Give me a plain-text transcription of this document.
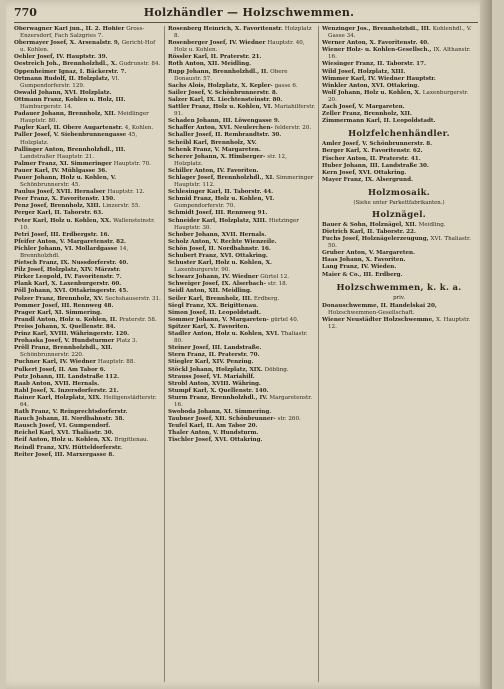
770	Holzhändler — Holzschwemmen.

Oberwagner Karl jun., II. 2. Hohler Gross-Enzersdorf, Fach Salzgries 7.

Obermayer Josef, X. Arsenalstr. 9, Gericht-Hof u. Kohlen.

Oehler Josef, IV. Hauptstr. 39.

Oestreich Joh., Brennholzhdl., X. Gudrunstr. 84.

Oppenheimer Ignaz, I. Bäckerstr. 7.

Ortmann Rudolf, II. Holzplatz, VI. Gumpendorferstr. 129.

Oswald Johann, XVI. Holzplatz.

Ottmann Franz, Kohlen u. Holz, III. Hainburgerstr. 14.

Padauer Johann, Brennholz, XII. Meidlinger Hauptstr. 80.

Pagler Karl, II. Obere Augartenstr. 4, Kohlen.

Paller Josef, V. Siebenbrunnengasse 45, Holzplatz.

Pallinger Anton, Brennholzhdl., III. Landstraßer Hauptstr. 21.

Palmer Franz, XI. Simmeringer Hauptstr. 70.

Pauer Karl, IV. Mühlgasse 36.

Pauer Johann, Holz u. Kohlen, V. Schönbrunnerstr. 45.

Paulus Josef, XVII. Hernalser Hauptstr. 12.

Peer Franz, X. Favoritenstr. 150.

Penz Josef, Brennholz, XIII. Linzerstr. 55.

Perger Karl, II. Taborstr. 63.

Peter Karl, Holz u. Kohlen, XX. Wallensteinstr. 10.

Petri Josef, III. Erdbergstr. 16.

Pfeifer Anton, V. Margaretenstr. 82.

Pichler Johann, VI. Mollardgasse 14, Brennholzhdl.

Pietsch Franz, IX. Nussdorferstr. 40.

Pilz Josef, Holzplatz, XIV. Märzstr.

Pirker Leopold, IV. Favoritenstr. 7.

Plank Karl, X. Laxenburgerstr. 60.

Pöll Johann, XVI. Ottakringerstr. 45.

Polzer Franz, Brennholz, XV. Sechshauserstr. 31.

Pommer Josef, III. Rennweg 48.

Prager Karl, XI. Simmering.

Prandl Anton, Holz u. Kohlen, II. Praterstr. 58.

Preiss Johann, X. Quellenstr. 84.

Prinz Karl, XVIII. Währingerstr. 120.

Prohaska Josef, V. Hundsturmer Platz 3.

Pröll Franz, Brennholzhdl., XII. Schönbrunnerstr. 220.

Puchner Karl, IV. Wiedner Hauptstr. 88.

Pulkert Josef, II. Am Tabor 6.

Putz Johann, III. Landstraße 112.

Raab Anton, XVII. Hernals.

Rabl Josef, X. Inzersdorferstr. 21.

Rainer Karl, Holzplatz, XIX. Heiligenstädterstr. 64.

Rath Franz, V. Reinprechtsdorferstr.

Rauch Johann, II. Nordbahnstr. 38.

Rausch Josef, VI. Gumpendorf.

Reichel Karl, XVI. Thaliastr. 30.

Reif Anton, Holz u. Kohlen, XX. Brigittenau.

Reindl Franz, XIV. Hütteldorferstr.

Reiter Josef, III. Marxergasse 8.

Rosenberg Heinrich, X. Favoritenstr. Holzplatz 8.

Rosenberger Josef, IV. Wiedner Hauptstr. 40, Holz u. Kohlen.

Rössler Karl, II. Praterstr. 21.

Roth Anton, XII. Meidling.

Rupp Johann, Brennholzhdl., II. Obere Donaustr. 57.

Sachs Alois, Holzplatz, X. Kepler- gasse 6.

Sailer Josef, V. Schönbrunnerstr. 8.

Salzer Karl, IX. Liechtensteinstr. 80.

Sattler Franz, Holz u. Kohlen, VI. Mariahilferstr. 91.

Schaden Johann, III. Löwengasse 9.

Schaffer Anton, XVI. Neulerchen- felderstr. 20.

Schaller Josef, II. Rembrandtstr. 30.

Scheibl Karl, Brennholz, XV.

Schenk Franz, V. Margareten.

Scherer Johann, X. Himberger- str. 12, Holzplatz.

Schiller Anton, IV. Favoriten.

Schlager Josef, Brennholzhdl., XI. Simmeringer Hauptstr. 112.

Schlesinger Karl, II. Taborstr. 44.

Schmid Franz, Holz u. Kohlen, VI. Gumpendorferstr. 70.

Schmidt Josef, III. Rennweg 91.

Schneider Karl, Holzplatz, XIII. Hietzinger Hauptstr. 30.

Schober Johann, XVII. Hernals.

Scholz Anton, V. Rechte Wienzeile.

Schön Josef, II. Nordbahnstr. 16.

Schubert Franz, XVI. Ottakring.

Schuster Karl, Holz u. Kohlen, X. Laxenburgerstr. 90.

Schwarz Johann, IV. Wiedner Gürtel 12.

Schweiger Josef, IX. Alserbach- str. 18.

Seidl Anton, XII. Meidling.

Seiler Karl, Brennholz, III. Erdberg.

Siegl Franz, XX. Brigittenau.

Simon Josef, II. Leopoldstadt.

Sommer Johann, V. Margareten- gürtel 40.

Spitzer Karl, X. Favoriten.

Stadler Anton, Holz u. Kohlen, XVI. Thaliastr. 80.

Steiner Josef, III. Landstraße.

Stern Franz, II. Praterstr. 70.

Stiegler Karl, XIV. Penzing.

Stöckl Johann, Holzplatz, XIX. Döbling.

Strauss Josef, VI. Mariahilf.

Strobl Anton, XVIII. Währing.

Stumpf Karl, X. Quellenstr. 140.

Sturm Franz, Brennholzhdl., IV. Margaretenstr. 16.

Swoboda Johann, XI. Simmering.

Taubner Josef, XII. Schönbrunner- str. 260.

Teufel Karl, II. Am Tabor 20.

Thaler Anton, V. Hundsturm.

Tischler Josef, XVI. Ottakring.

Wenzinger Jos., Brennholzhdl., III. Kohlenhdl., V. Gasse 34.

Werner Anton, X. Favoritenstr. 40.

Wiener Holz- u. Kohlen-Gesellsch., IX. Althanstr. 16.

Wiesinger Franz, II. Taborstr. 17.

Wild Josef, Holzplatz, XIII.

Wimmer Karl, IV. Wiedner Hauptstr.

Winkler Anton, XVI. Ottakring.

Wolf Johann, Holz u. Kohlen, X. Laxenburgerstr. 20.

Zach Josef, V. Margareten.

Zeller Franz, Brennholz, XII.

Zimmermann Karl, II. Leopoldstadt.

Holzfelchenhändler.

Amler Josef, V. Schönbrunnerstr. 8.

Berger Karl, X. Favoritenstr. 62.

Fischer Anton, II. Praterstr. 41.

Huber Johann, III. Landstraße 30.

Kern Josef, XVI. Ottakring.

Mayer Franz, IX. Alsergrund.

Holzmosaik.
(Siehe unter Parkettfabrikanten.)
Holznägel.

Bauer & Sohn, Holznägel, XII. Meidling.

Dietrich Karl, II. Taborstr. 22.

Fuchs Josef, Holznägelerzeugung, XVI. Thaliastr. 50.

Gruber Anton, V. Margareten.

Haas Johann, X. Favoriten.

Lang Franz, IV. Wieden.

Maier & Co., III. Erdberg.

Holzschwemmen, k. k. a.
priv.

Donauschwemme, II. Handelskai 20, Holzschwemmen-Gesellschaft.

Wiener Neustädter Holzschwemme, X. Hauptstr. 12.
